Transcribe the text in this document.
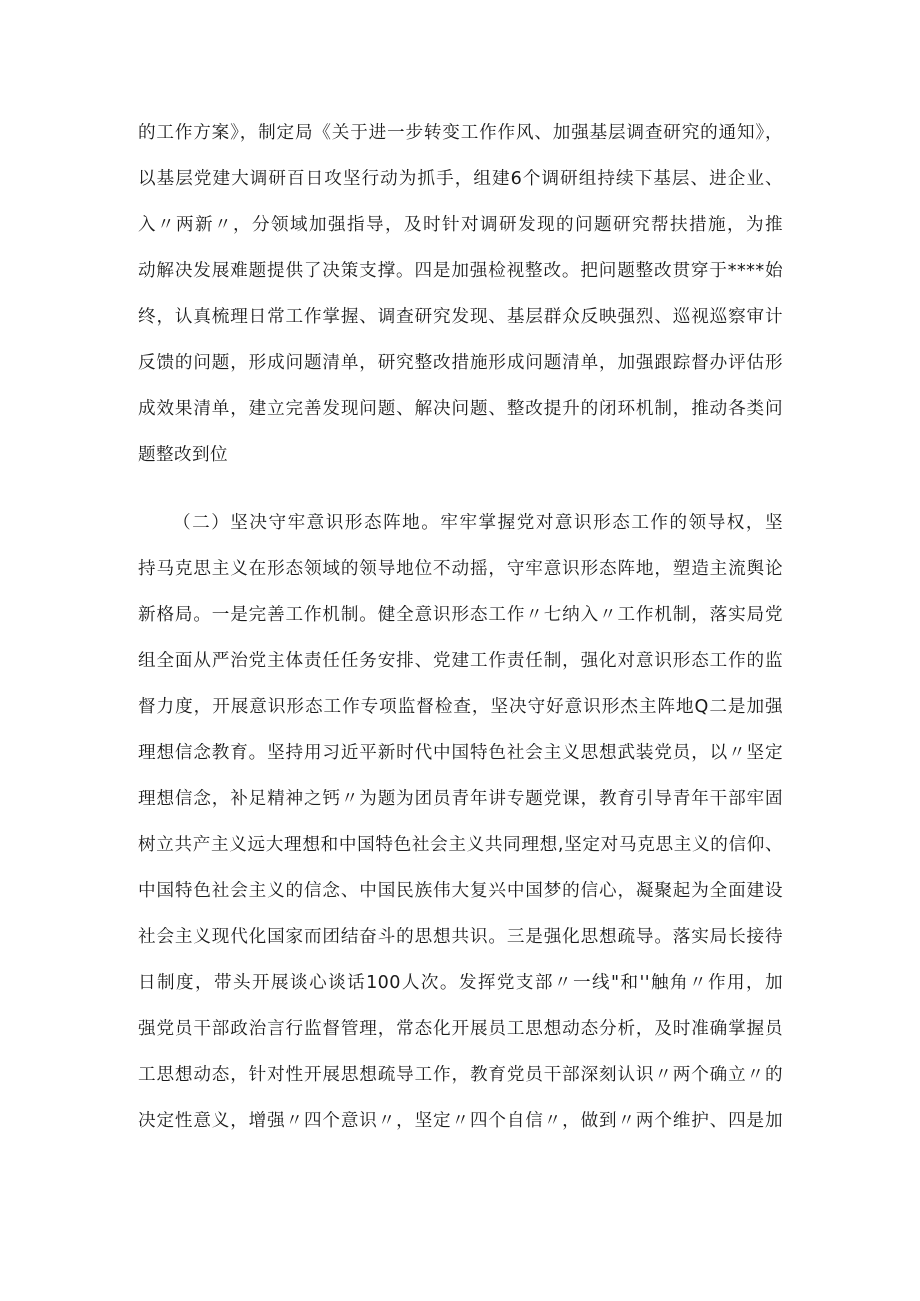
的工作方案》，制定局《关于进一步转变工作作风、加强基层调查研究的通知》，
以基层党建大调研百日攻坚行动为抓手，组建6个调研组持续下基层、进企业、
入〃两新〃，分领域加强指导，及时针对调研发现的问题研究帮扶措施，为推
动解决发展难题提供了决策支撑。四是加强检视整改。把问题整改贯穿于****始
终，认真梳理日常工作掌握、调查研究发现、基层群众反映强烈、巡视巡察审计
反馈的问题，形成问题清单，研究整改措施形成问题清单，加强跟踪督办评估形
成效果清单，建立完善发现问题、解决问题、整改提升的闭环机制，推动各类问
题整改到位
（二）坚决守牢意识形态阵地。牢牢掌握党对意识形态工作的领导权，坚
持马克思主义在形态领域的领导地位不动摇，守牢意识形态阵地，塑造主流舆论
新格局。一是完善工作机制。健全意识形态工作〃七纳入〃工作机制，落实局党
组全面从严治党主体责任任务安排、党建工作责任制，强化对意识形态工作的监
督力度，开展意识形态工作专项监督检查，坚决守好意识形杰主阵地Q二是加强
理想信念教育。坚持用习近平新时代中国特色社会主义思想武装党员，以〃坚定
理想信念，补足精神之钙〃为题为团员青年讲专题党课，教育引导青年干部牢固
树立共产主义远大理想和中国特色社会主义共同理想,坚定对马克思主义的信仰、
中国特色社会主义的信念、中国民族伟大复兴中国梦的信心，凝聚起为全面建设
社会主义现代化国家而团结奋斗的思想共识。三是强化思想疏导。落实局长接待
日制度，带头开展谈心谈话100人次。发挥党支部〃一线"和''触角〃作用，加
强党员干部政治言行监督管理，常态化开展员工思想动态分析，及时准确掌握员
工思想动态，针对性开展思想疏导工作，教育党员干部深刻认识〃两个确立〃的
决定性意义，增强〃四个意识〃，坚定〃四个自信〃，做到〃两个维护、四是加
